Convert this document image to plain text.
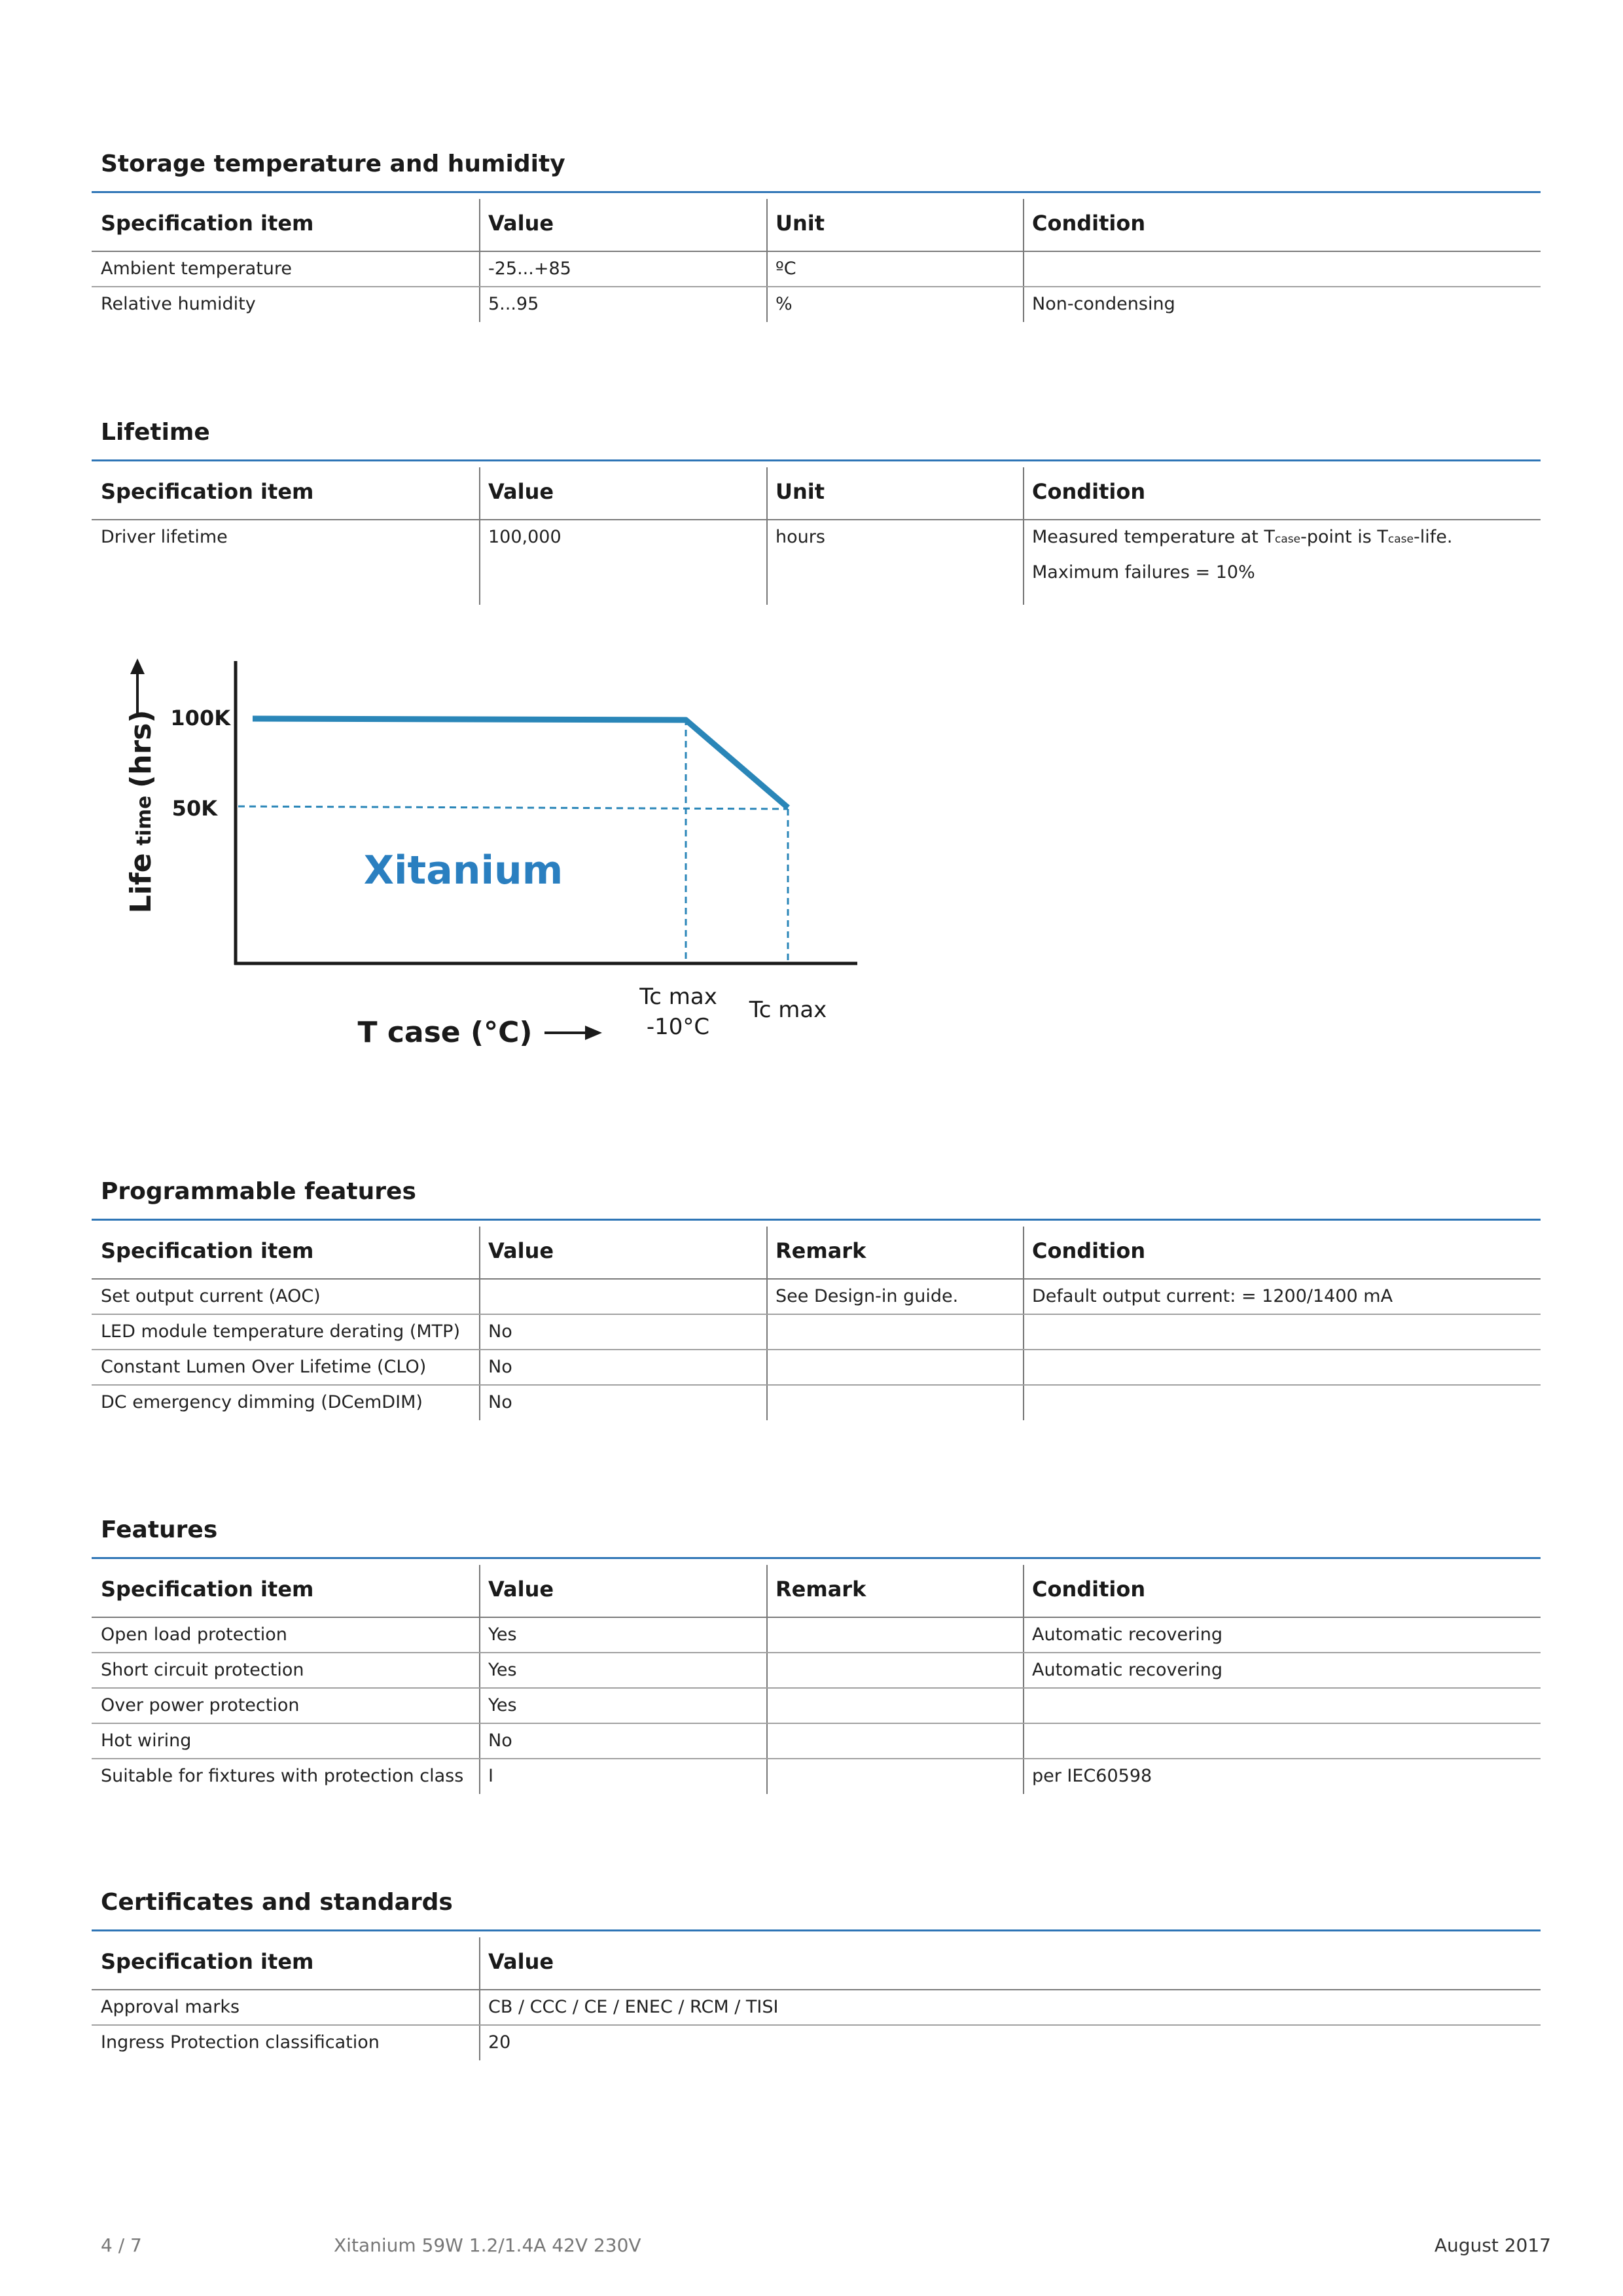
Storage temperature and humidity
Specification item	Value	Unit	Condition
Ambient temperature	-25...+85	ºC	
Relative humidity	5...95	%	Non-condensing
Lifetime
Specification item	Value	Unit	Condition
Driver lifetime	100,000	hours	Measured temperature at Tcase-point is Tcase-life.
Maximum failures = 10%
Life time (hrs) 100K
50K
Xitanium
Tc max -10°C
Tc max
T case (°C)
Programmable features
Specification item	Value	Remark	Condition
Set output current (AOC)		See Design-in guide.	Default output current: = 1200/1400 mA
LED module temperature derating (MTP)	No		
Constant Lumen Over Lifetime (CLO)	No		
DC emergency dimming (DCemDIM)	No		
Features
Specification item	Value	Remark	Condition
Open load protection	Yes		Automatic recovering
Short circuit protection	Yes		Automatic recovering
Over power protection	Yes		
Hot wiring	No		
Suitable for fixtures with protection class	I		per IEC60598
Certificates and standards
Specification item	Value
Approval marks	CB / CCC / CE / ENEC / RCM / TISI
Ingress Protection classification	20
4 / 7	Xitanium 59W 1.2/1.4A 42V 230V	August 2017
